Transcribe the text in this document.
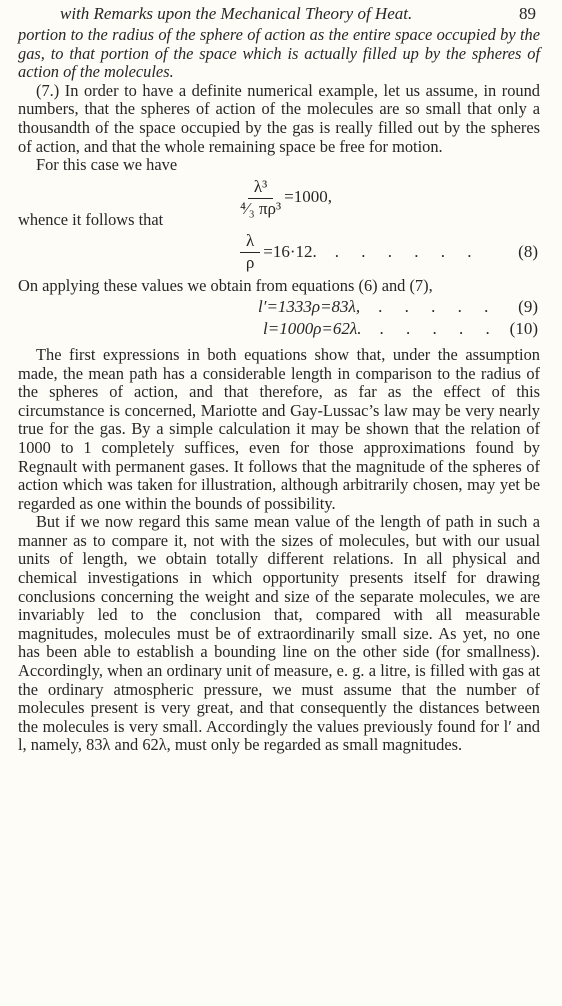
with Remarks upon the Mechanical Theory of Heat.	89

portion to the radius of the sphere of action as the entire space occupied by the gas, to that portion of the space which is actually filled up by the spheres of action of the molecules.

(7.) In order to have a definite numerical example, let us assume, in round numbers, that the spheres of action of the molecules are so small that only a thousandth of the space occupied by the gas is really filled out by the spheres of action, and that the whole remaining space be free for motion.

For this case we have

$\frac{\text{λ³}}{\text{⁴⁄₃ πρ³}} =1000$,

whence it follows that

$\frac{\lambda}{\rho} =16\cdot 12$. . . . . . . (8)

On applying these values we obtain from equations (6) and (7),

l′=1333ρ=83λ, . . . . . (9)
l=1000ρ=62λ. . . . . . (10)

The first expressions in both equations show that, under the assumption made, the mean path has a considerable length in comparison to the radius of the spheres of action, and that therefore, as far as the effect of this circumstance is concerned, Mariotte and Gay-Lussac’s law may be very nearly true for the gas. By a simple calculation it may be shown that the relation of 1000 to 1 completely suffices, even for those approximations found by Regnault with permanent gases. It follows that the magnitude of the spheres of action which was taken for illustration, although arbitrarily chosen, may yet be regarded as one within the bounds of possibility.

But if we now regard this same mean value of the length of path in such a manner as to compare it, not with the sizes of molecules, but with our usual units of length, we obtain totally different relations. In all physical and chemical investigations in which opportunity presents itself for drawing conclusions concerning the weight and size of the separate molecules, we are invariably led to the conclusion that, compared with all measurable magnitudes, molecules must be of extraordinarily small size. As yet, no one has been able to establish a bounding line on the other side (for smallness). Accordingly, when an ordinary unit of measure, e. g. a litre, is filled with gas at the ordinary atmospheric pressure, we must assume that the number of molecules present is very great, and that consequently the distances between the molecules is very small. Accordingly the values previously found for l′ and l, namely, 83λ and 62λ, must only be regarded as small magnitudes.
